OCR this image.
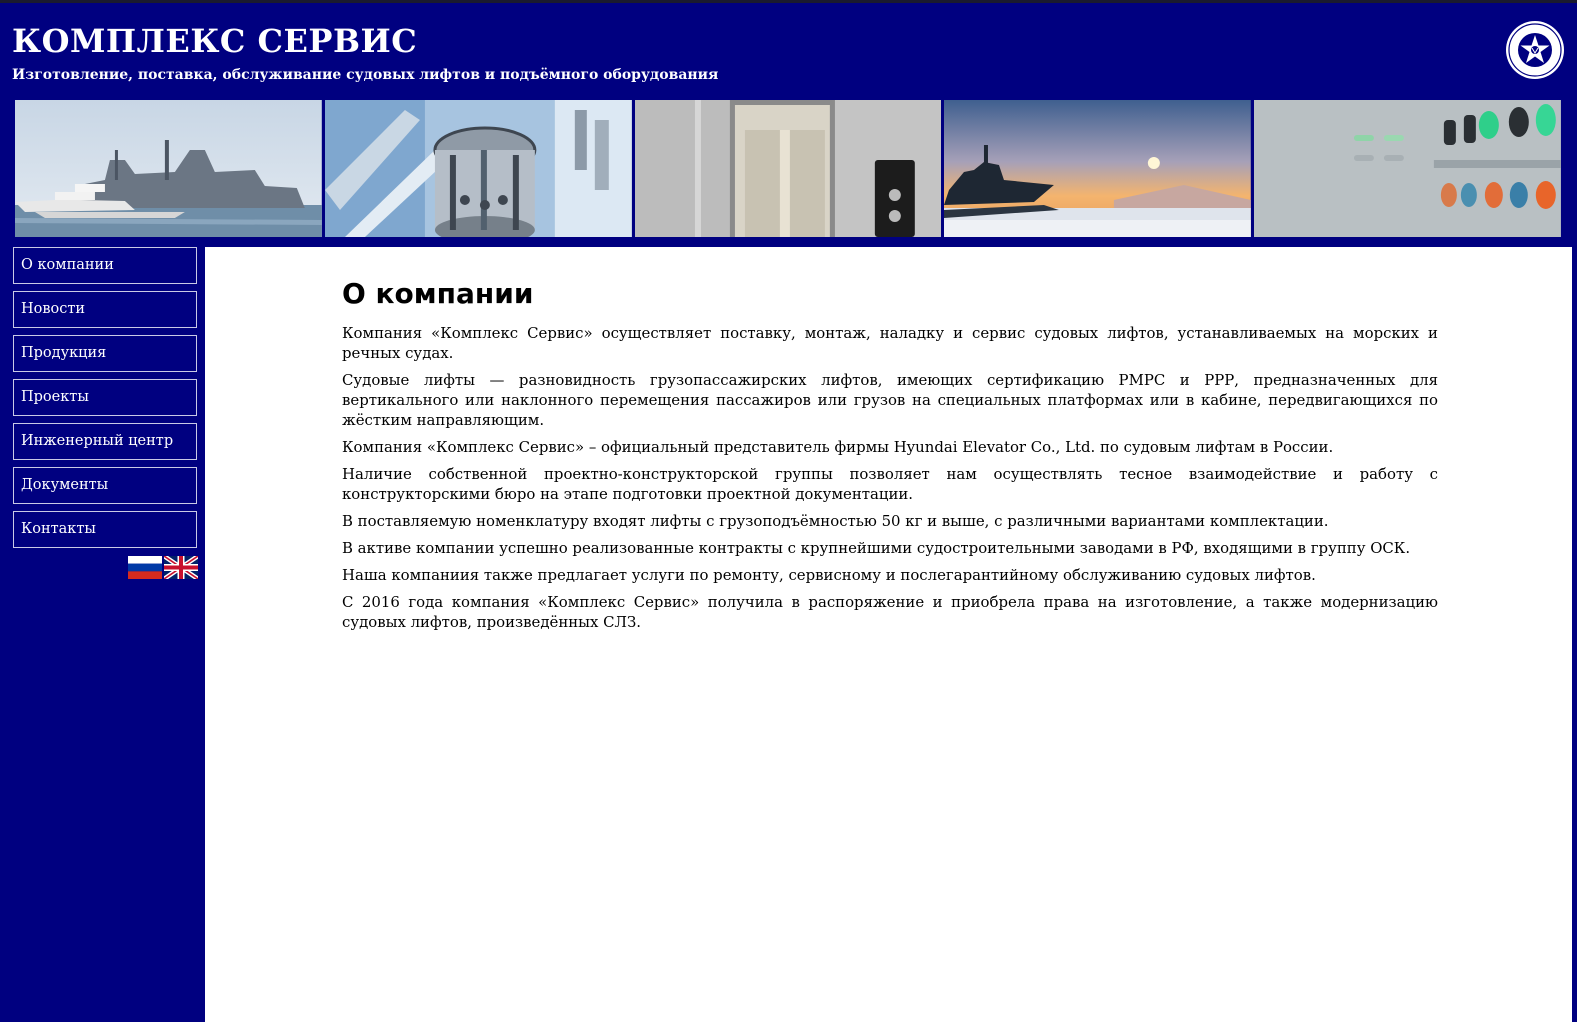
КОМПЛЕКС СЕРВИС
Изготовление, поставка, обслуживание судовых лифтов и подъёмного оборудования
О компании
Новости
Продукция
Проекты
Инженерный центр
Документы
Контакты
О компании

Компания «Комплекс Сервис» осуществляет поставку, монтаж, наладку и сервис судовых лифтов, устанавливаемых на морских и речных судах.

Судовые лифты — разновидность грузопассажирских лифтов, имеющих сертификацию РМРС и РРР, предназначенных для вертикального или наклонного перемещения пассажиров или грузов на специальных платформах или в кабине, передвигающихся по жёстким направляющим.

Компания «Комплекс Сервис» – официальный представитель фирмы Hyundai Elevator Co., Ltd. по судовым лифтам в России.

Наличие собственной проектно-конструкторской группы позволяет нам осуществлять тесное взаимодействие и работу с конструкторскими бюро на этапе подготовки проектной документации.

В поставляемую номенклатуру входят лифты с грузоподъёмностью 50 кг и выше, с различными вариантами комплектации.

В активе компании успешно реализованные контракты с крупнейшими судостроительными заводами в РФ, входящими в группу ОСК.

Наша компаниия также предлагает услуги по ремонту, сервисному и послегарантийному обслуживанию судовых лифтов.

С 2016 года компания «Комплекс Сервис» получила в распоряжение и приобрела права на изготовление, а также модернизацию судовых лифтов, произведённых СЛЗ.
